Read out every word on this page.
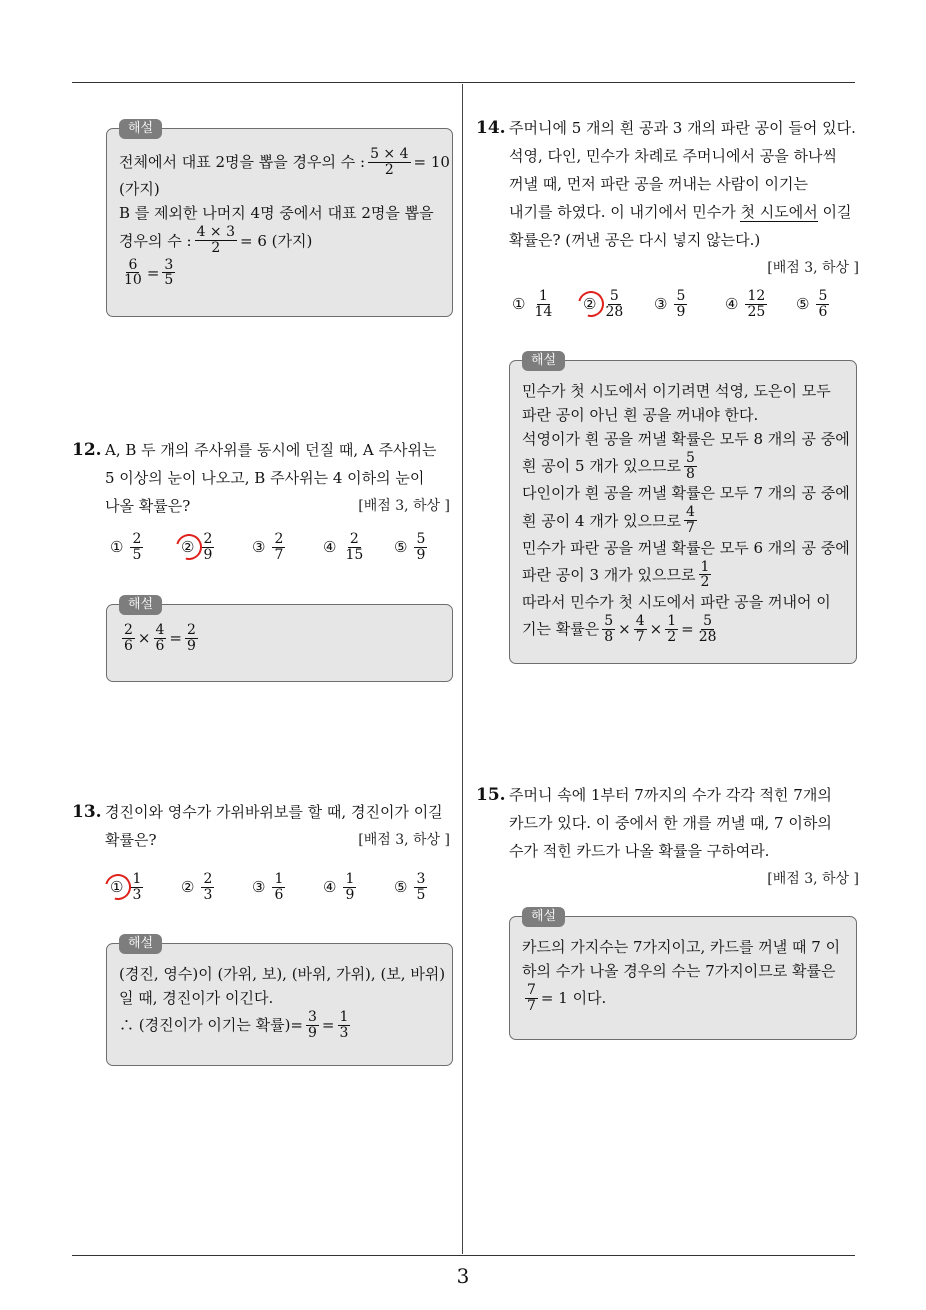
3
해설
전체에서 대표 2명을 뽑을 경우의 수 : $\frac{5 \times 4}{2} = 10$
(가지)
B 를 제외한 나머지 4명 중에서 대표 2명을 뽑을
경우의 수 : $\frac{4 \times 3}{2} = 6$ (가지)
$\frac{6}{10} = \frac{3}{5}$
12. A, B 두 개의 주사위를 동시에 던질 때, A 주사위는
5 이상의 눈이 나오고, B 주사위는 4 이하의 눈이
나올 확률은?	[배점 3, 하상 ]
① $\frac{2}{5}$	② $\frac{2}{9}$	③ $\frac{2}{7}$	④ $\frac{2}{15}$ ⑤ $\frac{5}{9}$
해설
$\frac{2}{6} \times \frac{4}{6} = \frac{2}{9}$
13. 경진이와 영수가 가위바위보를 할 때, 경진이가 이길
확률은?	[배점 3, 하상 ]
① $\frac{1}{3}$	② $\frac{2}{3}$	③ $\frac{1}{6}$	④ $\frac{1}{9}$	⑤ $\frac{3}{5}$
해설
(경진, 영수)이 (가위, 보), (바위, 가위), (보, 바위)
일 때, 경진이가 이긴다.
∴ (경진이가 이기는 확률)= $\frac{3}{9} = \frac{1}{3}$
14. 주머니에 5 개의 흰 공과 3 개의 파란 공이 들어 있다.
석영, 다인, 민수가 차례로 주머니에서 공을 하나씩
꺼낼 때, 먼저 파란 공을 꺼내는 사람이 이기는
내기를 하였다. 이 내기에서 민수가 첫 시도에서 이길
확률은? (꺼낸 공은 다시 넣지 않는다.)
[배점 3, 하상 ]
① $\frac{1}{14}$ ② $\frac{5}{28}$ ③ $\frac{5}{9}$	④ $\frac{12}{25}$ ⑤ $\frac{5}{6}$
해설
민수가 첫 시도에서 이기려면 석영, 도은이 모두
파란 공이 아닌 흰 공을 꺼내야 한다.
석영이가 흰 공을 꺼낼 확률은 모두 8 개의 공 중에
흰 공이 5 개가 있으므로 $\frac{5}{8}$
다인이가 흰 공을 꺼낼 확률은 모두 7 개의 공 중에
흰 공이 4 개가 있으므로 $\frac{4}{7}$
민수가 파란 공을 꺼낼 확률은 모두 6 개의 공 중에
파란 공이 3 개가 있으므로 $\frac{1}{2}$
따라서 민수가 첫 시도에서 파란 공을 꺼내어 이
기는 확률은 $\frac{5}{8} \times \frac{4}{7} \times \frac{1}{2} = \frac{5}{28}$
15. 주머니 속에 1부터 7까지의 수가 각각 적힌 7개의
카드가 있다. 이 중에서 한 개를 꺼낼 때, 7 이하의
수가 적힌 카드가 나올 확률을 구하여라.
[배점 3, 하상 ]
해설
카드의 가지수는 7가지이고, 카드를 꺼낼 때 7 이
하의 수가 나올 경우의 수는 7가지이므로 확률은
$\frac{7}{7} = 1$ 이다.
